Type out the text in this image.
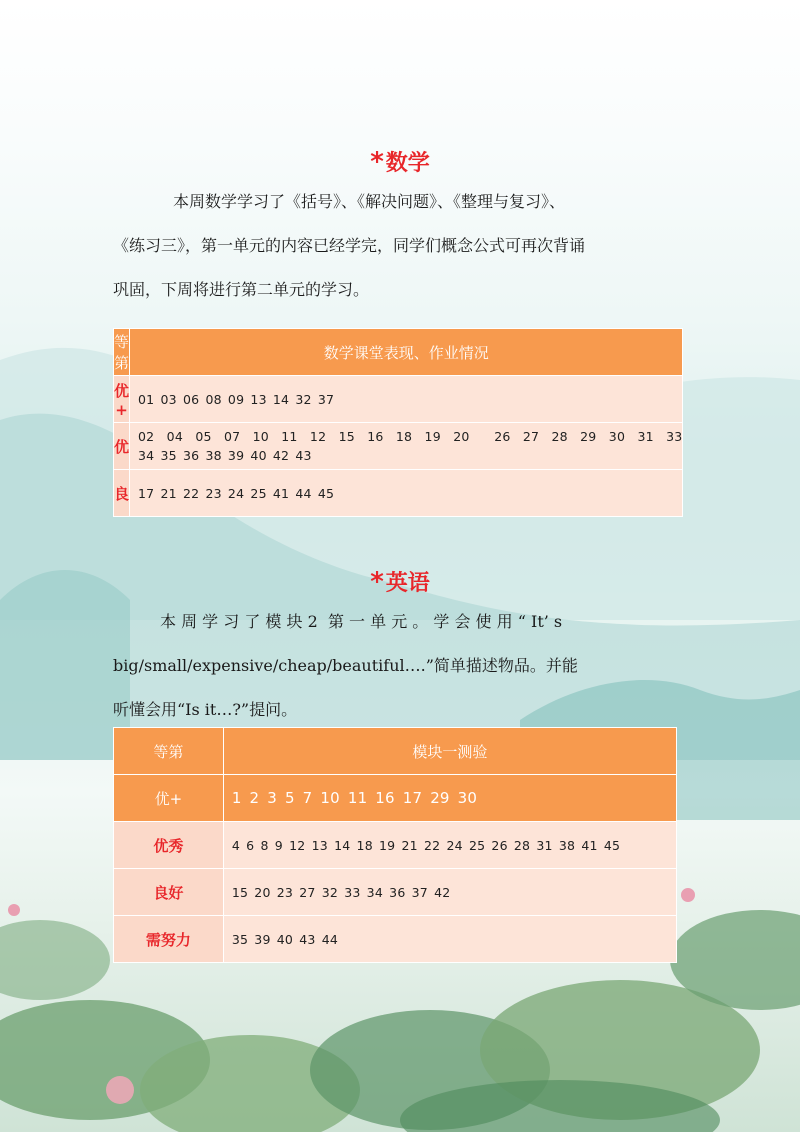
*数学
本周数学学习了《括号》、《解决问题》、《整理与复习》、
《练习三》，第一单元的内容已经学完，同学们概念公式可再次背诵
巩固，下周将进行第二单元的学习。
等第	数学课堂表现、作业情况
优+	01 03 06 08 09 13 14 32 37

优	02  04  05  07  10  11  12  15  16  18  19  20    26  27  28  29  30  31  33
34 35 36 38 39 40 42 43

良	17 21 22 23 24 25 41 44 45
*英语
本 周 学 习 了 模 块 2  第 一 单 元 。 学 会 使 用 “ It’ s
big/small/expensive/cheap/beautiful….”简单描述物品。并能
听懂会用“Is it…?”提问。
等第	模块一测验
优+	1 2 3 5 7 10 11 16 17 29 30
优秀	4 6 8 9 12 13 14 18 19 21 22 24 25 26 28 31 38 41 45
良好	15 20 23 27 32 33 34 36 37 42
需努力	35 39 40 43 44
